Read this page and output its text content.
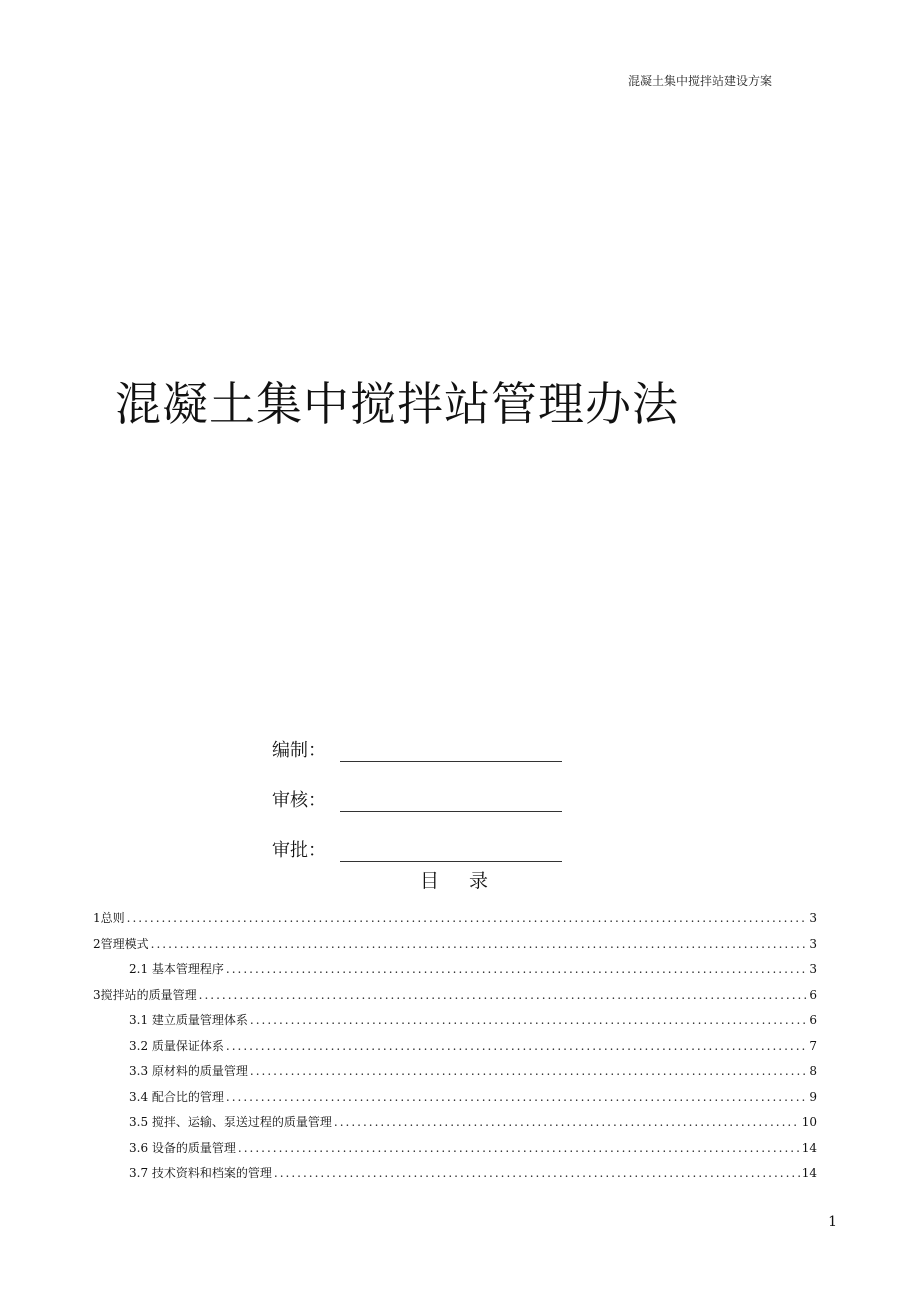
混凝土集中搅拌站建设方案
混凝土集中搅拌站管理办法
编制：
审核：
审批：
目 录
1总则 .....	3
2管理模式 .....	3
2.1 基本管理程序 .....	3
3搅拌站的质量管理 .....	6
3.1 建立质量管理体系 .....	6
3.2 质量保证体系 .....	7
3.3 原材料的质量管理 .....	8
3.4 配合比的管理 .....	9
3.5 搅拌、运输、泵送过程的质量管理 .....	10
3.6 设备的质量管理 .....	14
3.7 技术资料和档案的管理 .....	14
1
